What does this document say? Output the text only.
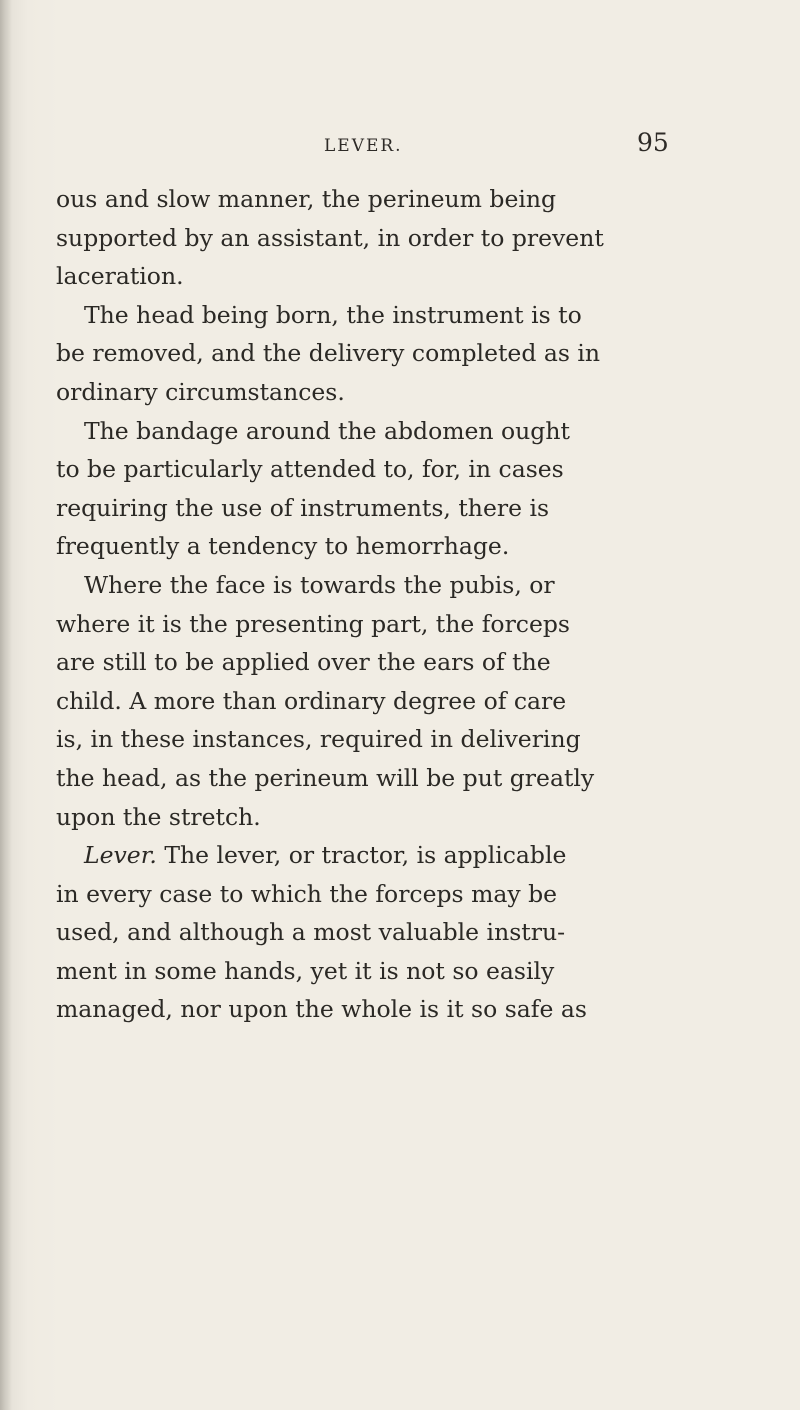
LEVER.	95
ous and slow manner, the perineum being
supported by an assistant, in order to prevent
laceration.
The head being born, the instrument is to
be removed, and the delivery completed as in
ordinary circumstances.
The bandage around the abdomen ought
to be particularly attended to, for, in cases
requiring the use of instruments, there is
frequently a tendency to hemorrhage.
Where the face is towards the pubis, or
where it is the presenting part, the forceps
are still to be applied over the ears of the
child. A more than ordinary degree of care
is, in these instances, required in delivering
the head, as the perineum will be put greatly
upon the stretch.
Lever. The lever, or tractor, is applicable
in every case to which the forceps may be
used, and although a most valuable instru-
ment in some hands, yet it is not so easily
managed, nor upon the whole is it so safe as
